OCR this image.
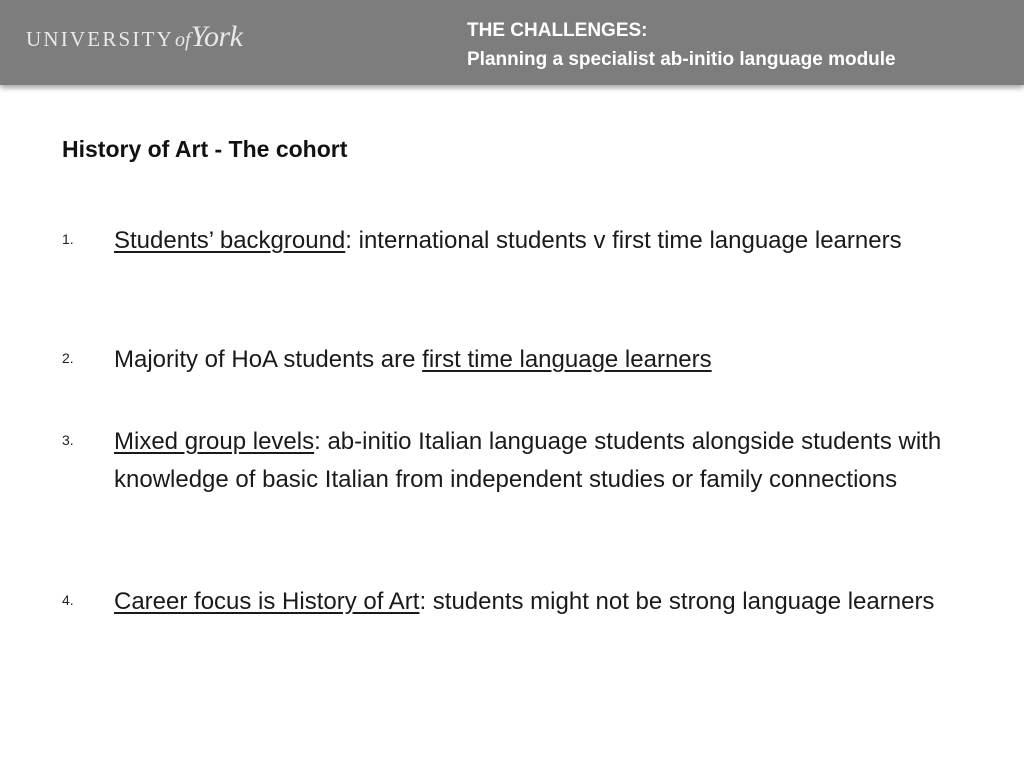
UNIVERSITYofYork	THE CHALLENGES:
Planning a specialist ab-initio language module
History of Art - The cohort
1. Students’ background: international students v first time language learners
2. Majority of HoA students are first time language learners
3. Mixed group levels: ab-initio Italian language students alongside students with knowledge of basic Italian from independent studies or family connections
4. Career focus is History of Art: students might not be strong language learners
